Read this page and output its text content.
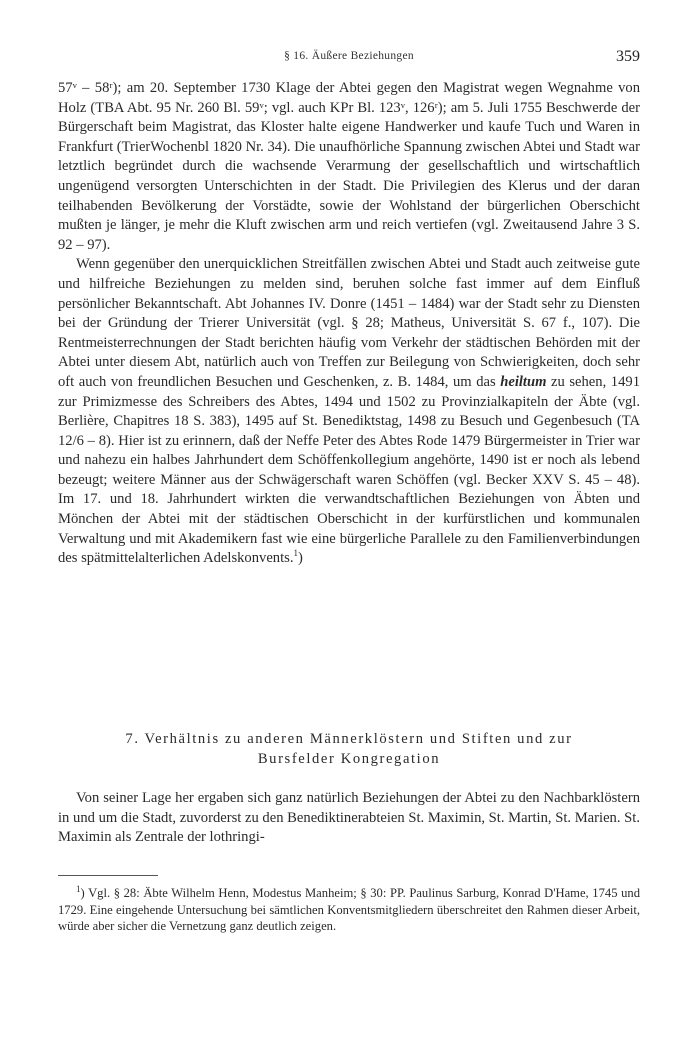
§ 16. Äußere Beziehungen	359

57ᵛ – 58ʳ); am 20. September 1730 Klage der Abtei gegen den Magistrat wegen Wegnahme von Holz (TBA Abt. 95 Nr. 260 Bl. 59ᵛ; vgl. auch KPr Bl. 123ᵛ, 126ʳ); am 5. Juli 1755 Beschwerde der Bürgerschaft beim Magistrat, das Kloster halte eigene Handwerker und kaufe Tuch und Waren in Frankfurt (TrierWochenbl 1820 Nr. 34). Die unaufhörliche Spannung zwischen Abtei und Stadt war letztlich begründet durch die wachsende Verarmung der gesellschaftlich und wirtschaftlich ungenügend versorgten Unterschichten in der Stadt. Die Privilegien des Klerus und der daran teilhabenden Bevölkerung der Vorstädte, sowie der Wohlstand der bürgerlichen Oberschicht mußten je länger, je mehr die Kluft zwischen arm und reich vertiefen (vgl. Zweitausend Jahre 3 S. 92 – 97).

Wenn gegenüber den unerquicklichen Streitfällen zwischen Abtei und Stadt auch zeitweise gute und hilfreiche Beziehungen zu melden sind, beruhen solche fast immer auf dem Einfluß persönlicher Bekanntschaft. Abt Johannes IV. Donre (1451 – 1484) war der Stadt sehr zu Diensten bei der Gründung der Trierer Universität (vgl. § 28; Matheus, Universität S. 67 f., 107). Die Rentmeisterrechnungen der Stadt berichten häufig vom Verkehr der städtischen Behörden mit der Abtei unter diesem Abt, natürlich auch von Treffen zur Beilegung von Schwierigkeiten, doch sehr oft auch von freundlichen Besuchen und Geschenken, z. B. 1484, um das heiltum zu sehen, 1491 zur Primizmesse des Schreibers des Abtes, 1494 und 1502 zu Provinzialkapiteln der Äbte (vgl. Berlière, Chapitres 18 S. 383), 1495 auf St. Benediktstag, 1498 zu Besuch und Gegenbesuch (TA 12/6 – 8). Hier ist zu erinnern, daß der Neffe Peter des Abtes Rode 1479 Bürgermeister in Trier war und nahezu ein halbes Jahrhundert dem Schöffenkollegium angehörte, 1490 ist er noch als lebend bezeugt; weitere Männer aus der Schwägerschaft waren Schöffen (vgl. Becker XXV S. 45 – 48). Im 17. und 18. Jahrhundert wirkten die verwandtschaftlichen Beziehungen von Äbten und Mönchen der Abtei mit der städtischen Oberschicht in der kurfürstlichen und kommunalen Verwaltung und mit Akademikern fast wie eine bürgerliche Parallele zu den Familienverbindungen des spätmittelalterlichen Adelskonvents.$^1$)

7. Verhältnis zu anderen Männerklöstern und Stiften und zur
Bursfelder Kongregation

Von seiner Lage her ergaben sich ganz natürlich Beziehungen der Abtei zu den Nachbarklöstern in und um die Stadt, zuvorderst zu den Benediktinerabteien St. Maximin, St. Martin, St. Marien. St. Maximin als Zentrale der lothringi-

$^1$) Vgl. § 28: Äbte Wilhelm Henn, Modestus Manheim; § 30: PP. Paulinus Sarburg, Konrad D'Hame, 1745 und 1729. Eine eingehende Untersuchung bei sämtlichen Konventsmitgliedern überschreitet den Rahmen dieser Arbeit, würde aber sicher die Vernetzung ganz deutlich zeigen.
